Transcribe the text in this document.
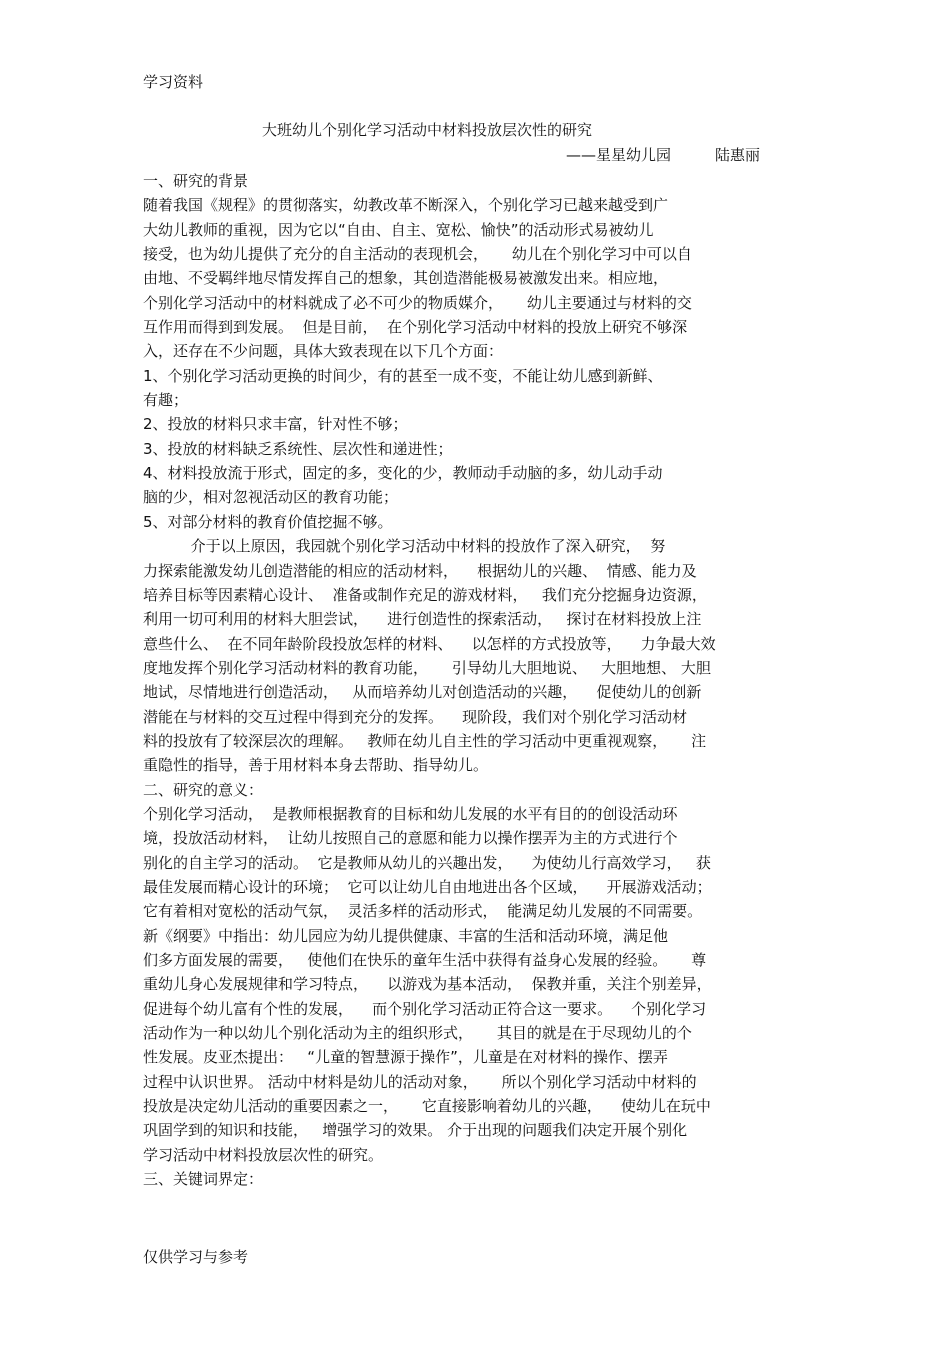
学习资料
大班幼儿个别化学习活动中材料投放层次性的研究
——星星幼儿园	陆惠丽
一、研究的背景
随着我国《规程》的贯彻落实，幼教改革不断深入，个别化学习已越来越受到广
大幼儿教师的重视，因为它以“自由、自主、宽松、愉快”的活动形式易被幼儿
接受，也为幼儿提供了充分的自主活动的表现机会，     幼儿在个别化学习中可以自
由地、不受羁绊地尽情发挥自己的想象，其创造潜能极易被激发出来。相应地，
个别化学习活动中的材料就成了必不可少的物质媒介，     幼儿主要通过与材料的交
互作用而得到到发展。  但是目前，  在个别化学习活动中材料的投放上研究不够深
入，还存在不少问题，具体大致表现在以下几个方面：
1、个别化学习活动更换的时间少，有的甚至一成不变，不能让幼儿感到新鲜、
有趣；
2、投放的材料只求丰富，针对性不够；
3、投放的材料缺乏系统性、层次性和递进性；
4、材料投放流于形式，固定的多，变化的少，教师动手动脑的多，幼儿动手动
脑的少，相对忽视活动区的教育功能；
5、对部分材料的教育价值挖掘不够。
介于以上原因，我园就个别化学习活动中材料的投放作了深入研究，  努
力探索能激发幼儿创造潜能的相应的活动材料，    根据幼儿的兴趣、  情感、能力及
培养目标等因素精心设计、  准备或制作充足的游戏材料，   我们充分挖掘身边资源，
利用一切可利用的材料大胆尝试，    进行创造性的探索活动，   探讨在材料投放上注
意些什么、  在不同年龄阶段投放怎样的材料、    以怎样的方式投放等，    力争最大效
度地发挥个别化学习活动材料的教育功能，     引导幼儿大胆地说、   大胆地想、 大胆
地试，尽情地进行创造活动，   从而培养幼儿对创造活动的兴趣，    促使幼儿的创新
潜能在与材料的交互过程中得到充分的发挥。    现阶段，我们对个别化学习活动材
料的投放有了较深层次的理解。   教师在幼儿自主性的学习活动中更重视观察，     注
重隐性的指导，善于用材料本身去帮助、指导幼儿。
二、研究的意义：
个别化学习活动，  是教师根据教育的目标和幼儿发展的水平有目的的创设活动环
境，投放活动材料，  让幼儿按照自己的意愿和能力以操作摆弄为主的方式进行个
别化的自主学习的活动。  它是教师从幼儿的兴趣出发，    为使幼儿行高效学习，   获
最佳发展而精心设计的环境；  它可以让幼儿自由地进出各个区域，    开展游戏活动；
它有着相对宽松的活动气氛，  灵活多样的活动形式，  能满足幼儿发展的不同需要。
新《纲要》中指出：幼儿园应为幼儿提供健康、丰富的生活和活动环境，满足他
们多方面发展的需要，   使他们在快乐的童年生活中获得有益身心发展的经验。     尊
重幼儿身心发展规律和学习特点，    以游戏为基本活动，  保教并重，关注个别差异，
促进每个幼儿富有个性的发展，    而个别化学习活动正符合这一要求。    个别化学习
活动作为一种以幼儿个别化活动为主的组织形式，     其目的就是在于尽现幼儿的个
性发展。皮亚杰提出：   “儿童的智慧源于操作”，儿童是在对材料的操作、摆弄
过程中认识世界。 活动中材料是幼儿的活动对象，     所以个别化学习活动中材料的
投放是决定幼儿活动的重要因素之一，     它直接影响着幼儿的兴趣，    使幼儿在玩中
巩固学到的知识和技能，   增强学习的效果。 介于出现的问题我们决定开展个别化
学习活动中材料投放层次性的研究。
三、关键词界定：
仅供学习与参考
